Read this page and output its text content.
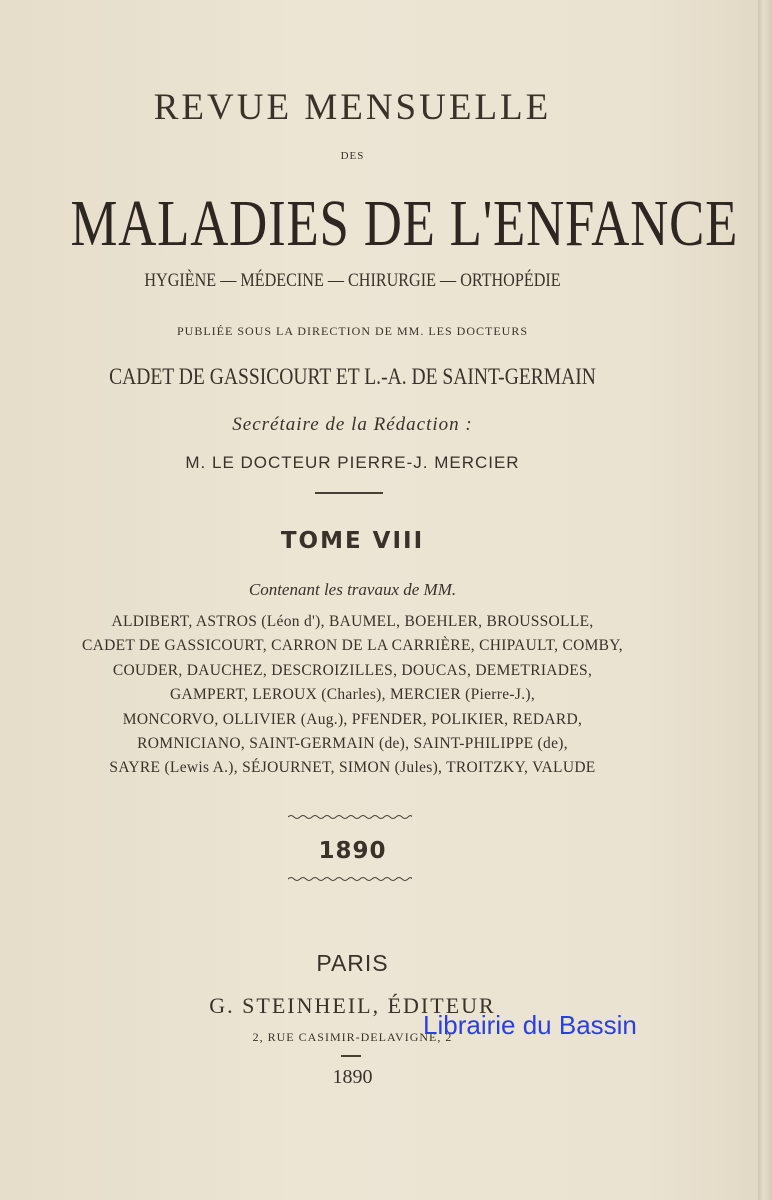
REVUE MENSUELLE
DES
MALADIES DE L'ENFANCE
HYGIÈNE — MÉDECINE — CHIRURGIE — ORTHOPÉDIE
PUBLIÉE SOUS LA DIRECTION DE MM. LES DOCTEURS
CADET DE GASSICOURT ET L.-A. DE SAINT-GERMAIN
Secrétaire de la Rédaction :
M. LE DOCTEUR PIERRE-J. MERCIER
TOME VIII
Contenant les travaux de MM.
ALDIBERT, ASTROS (Léon d'), BAUMEL, BOEHLER, BROUSSOLLE,
CADET DE GASSICOURT, CARRON DE LA CARRIÈRE, CHIPAULT, COMBY,
COUDER, DAUCHEZ, DESCROIZILLES, DOUCAS, DEMETRIADES,
GAMPERT, LEROUX (Charles), MERCIER (Pierre-J.),
MONCORVO, OLLIVIER (Aug.), PFENDER, POLIKIER, REDARD,
ROMNICIANO, SAINT-GERMAIN (de), SAINT-PHILIPPE (de),
SAYRE (Lewis A.), SÉJOURNET, SIMON (Jules), TROITZKY, VALUDE
1890
PARIS
G. STEINHEIL, ÉDITEUR
2, RUE CASIMIR-DELAVIGNE, 2
1890
Librairie du Bassin
